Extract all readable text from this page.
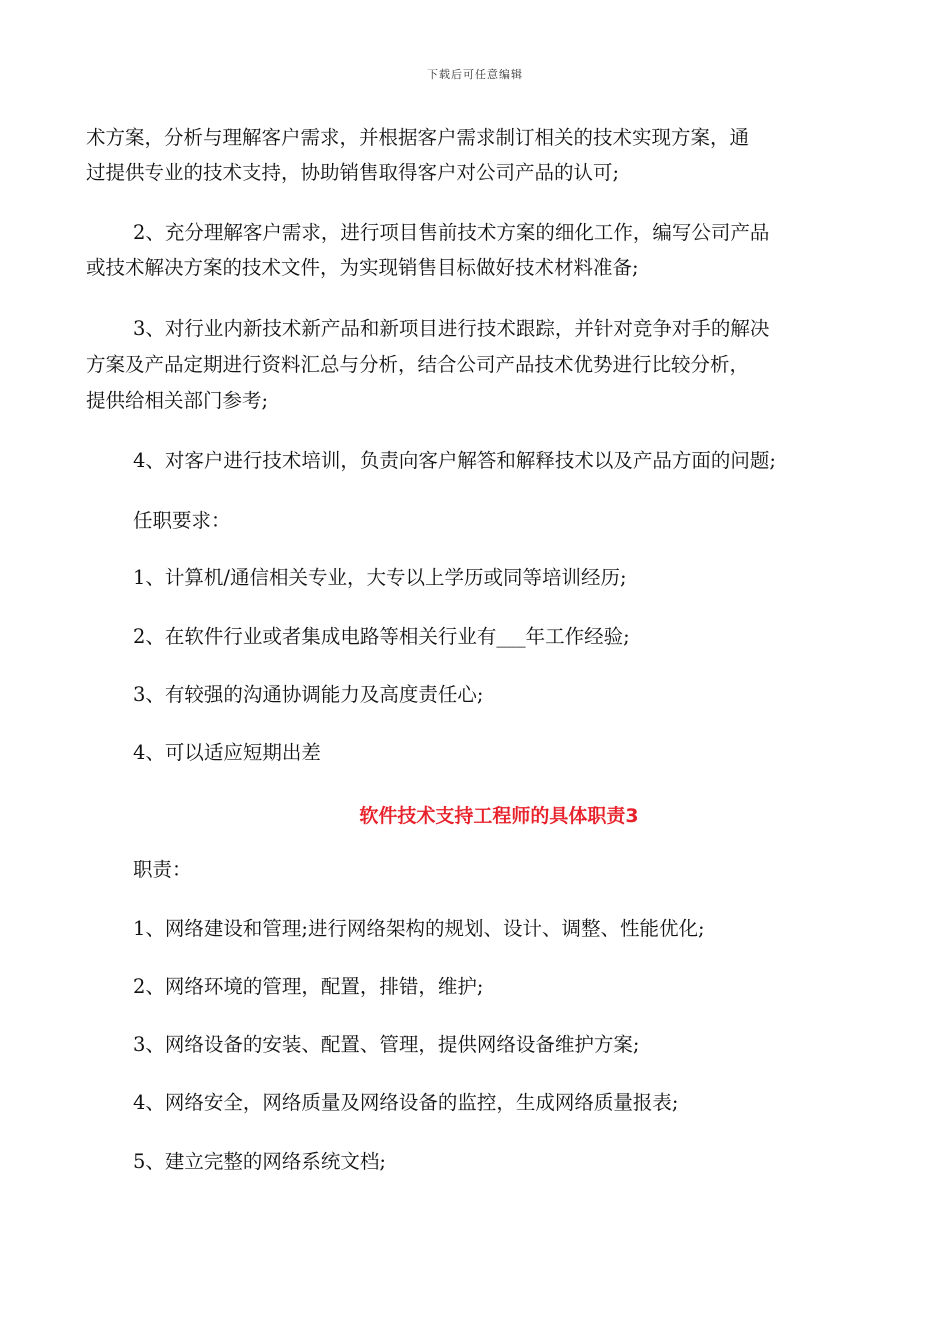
下载后可任意编辑
术方案，分析与理解客户需求，并根据客户需求制订相关的技术实现方案，通
过提供专业的技术支持，协助销售取得客户对公司产品的认可;
2、充分理解客户需求，进行项目售前技术方案的细化工作，编写公司产品
或技术解决方案的技术文件，为实现销售目标做好技术材料准备;
3、对行业内新技术新产品和新项目进行技术跟踪，并针对竞争对手的解决
方案及产品定期进行资料汇总与分析，结合公司产品技术优势进行比较分析，
提供给相关部门参考;
4、对客户进行技术培训，负责向客户解答和解释技术以及产品方面的问题;
任职要求：
1、计算机/通信相关专业，大专以上学历或同等培训经历;
2、在软件行业或者集成电路等相关行业有___年工作经验;
3、有较强的沟通协调能力及高度责任心;
4、可以适应短期出差
软件技术支持工程师的具体职责3
职责：
1、网络建设和管理;进行网络架构的规划、设计、调整、性能优化;
2、网络环境的管理，配置，排错，维护;
3、网络设备的安装、配置、管理，提供网络设备维护方案;
4、网络安全，网络质量及网络设备的监控，生成网络质量报表;
5、建立完整的网络系统文档;
